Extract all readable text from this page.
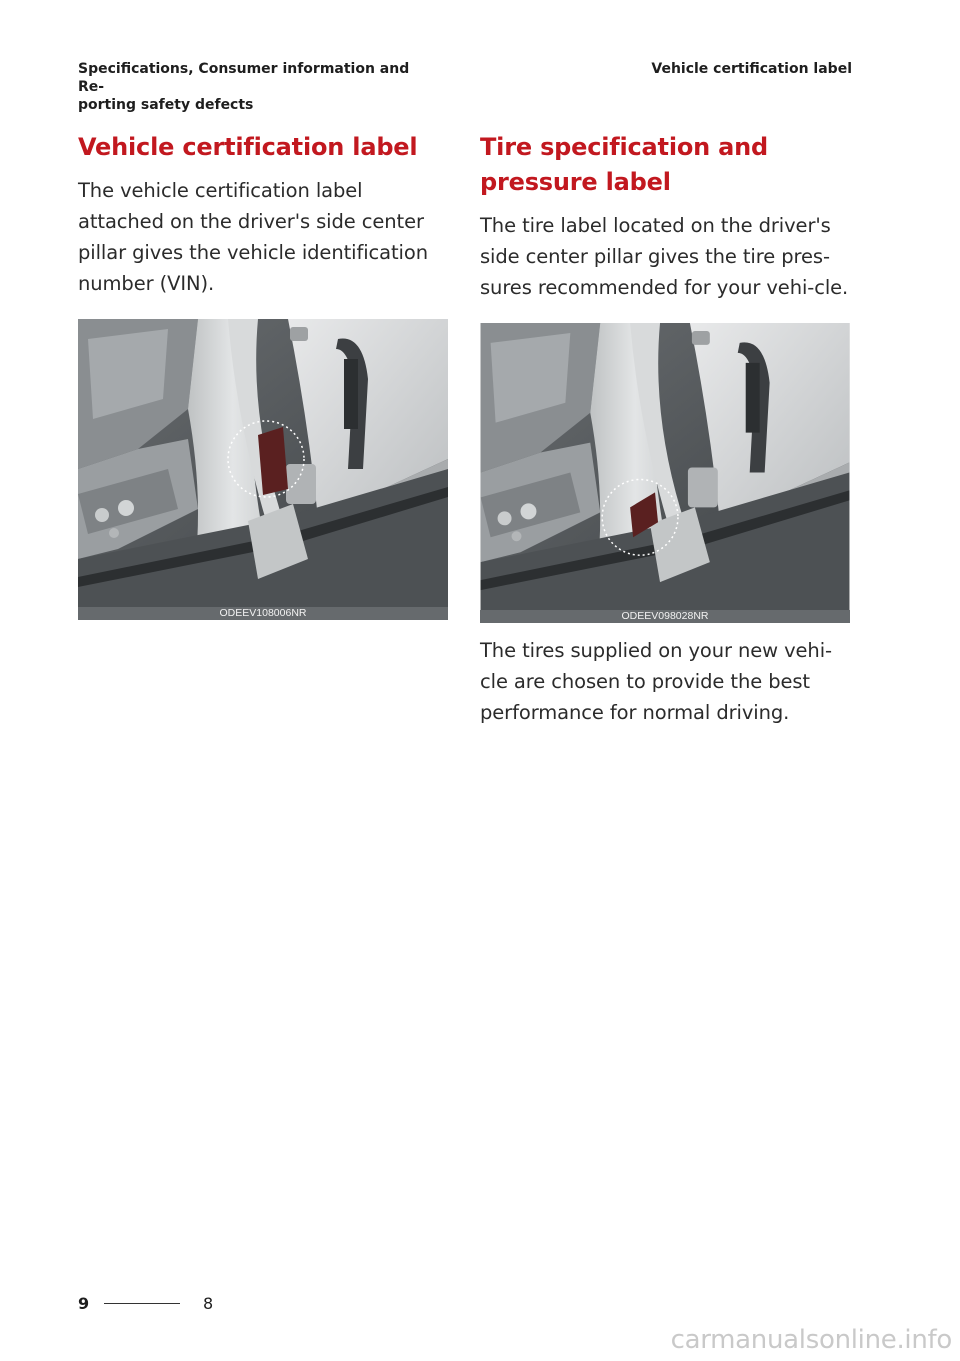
Specifications, Consumer information and Re-
porting safety defects
Vehicle certification label
Vehicle certification label

The vehicle certification label attached on the driver's side center pillar gives the vehicle identification number (VIN).

ODEEV108006NR
Tire specification and pressure label

The tire label located on the driver's side center pillar gives the tire pres-sures recommended for your vehi-cle.

ODEEV098028NR

The tires supplied on your new vehi-cle are chosen to provide the best performance for normal driving.

9	8
carmanualsonline.info
